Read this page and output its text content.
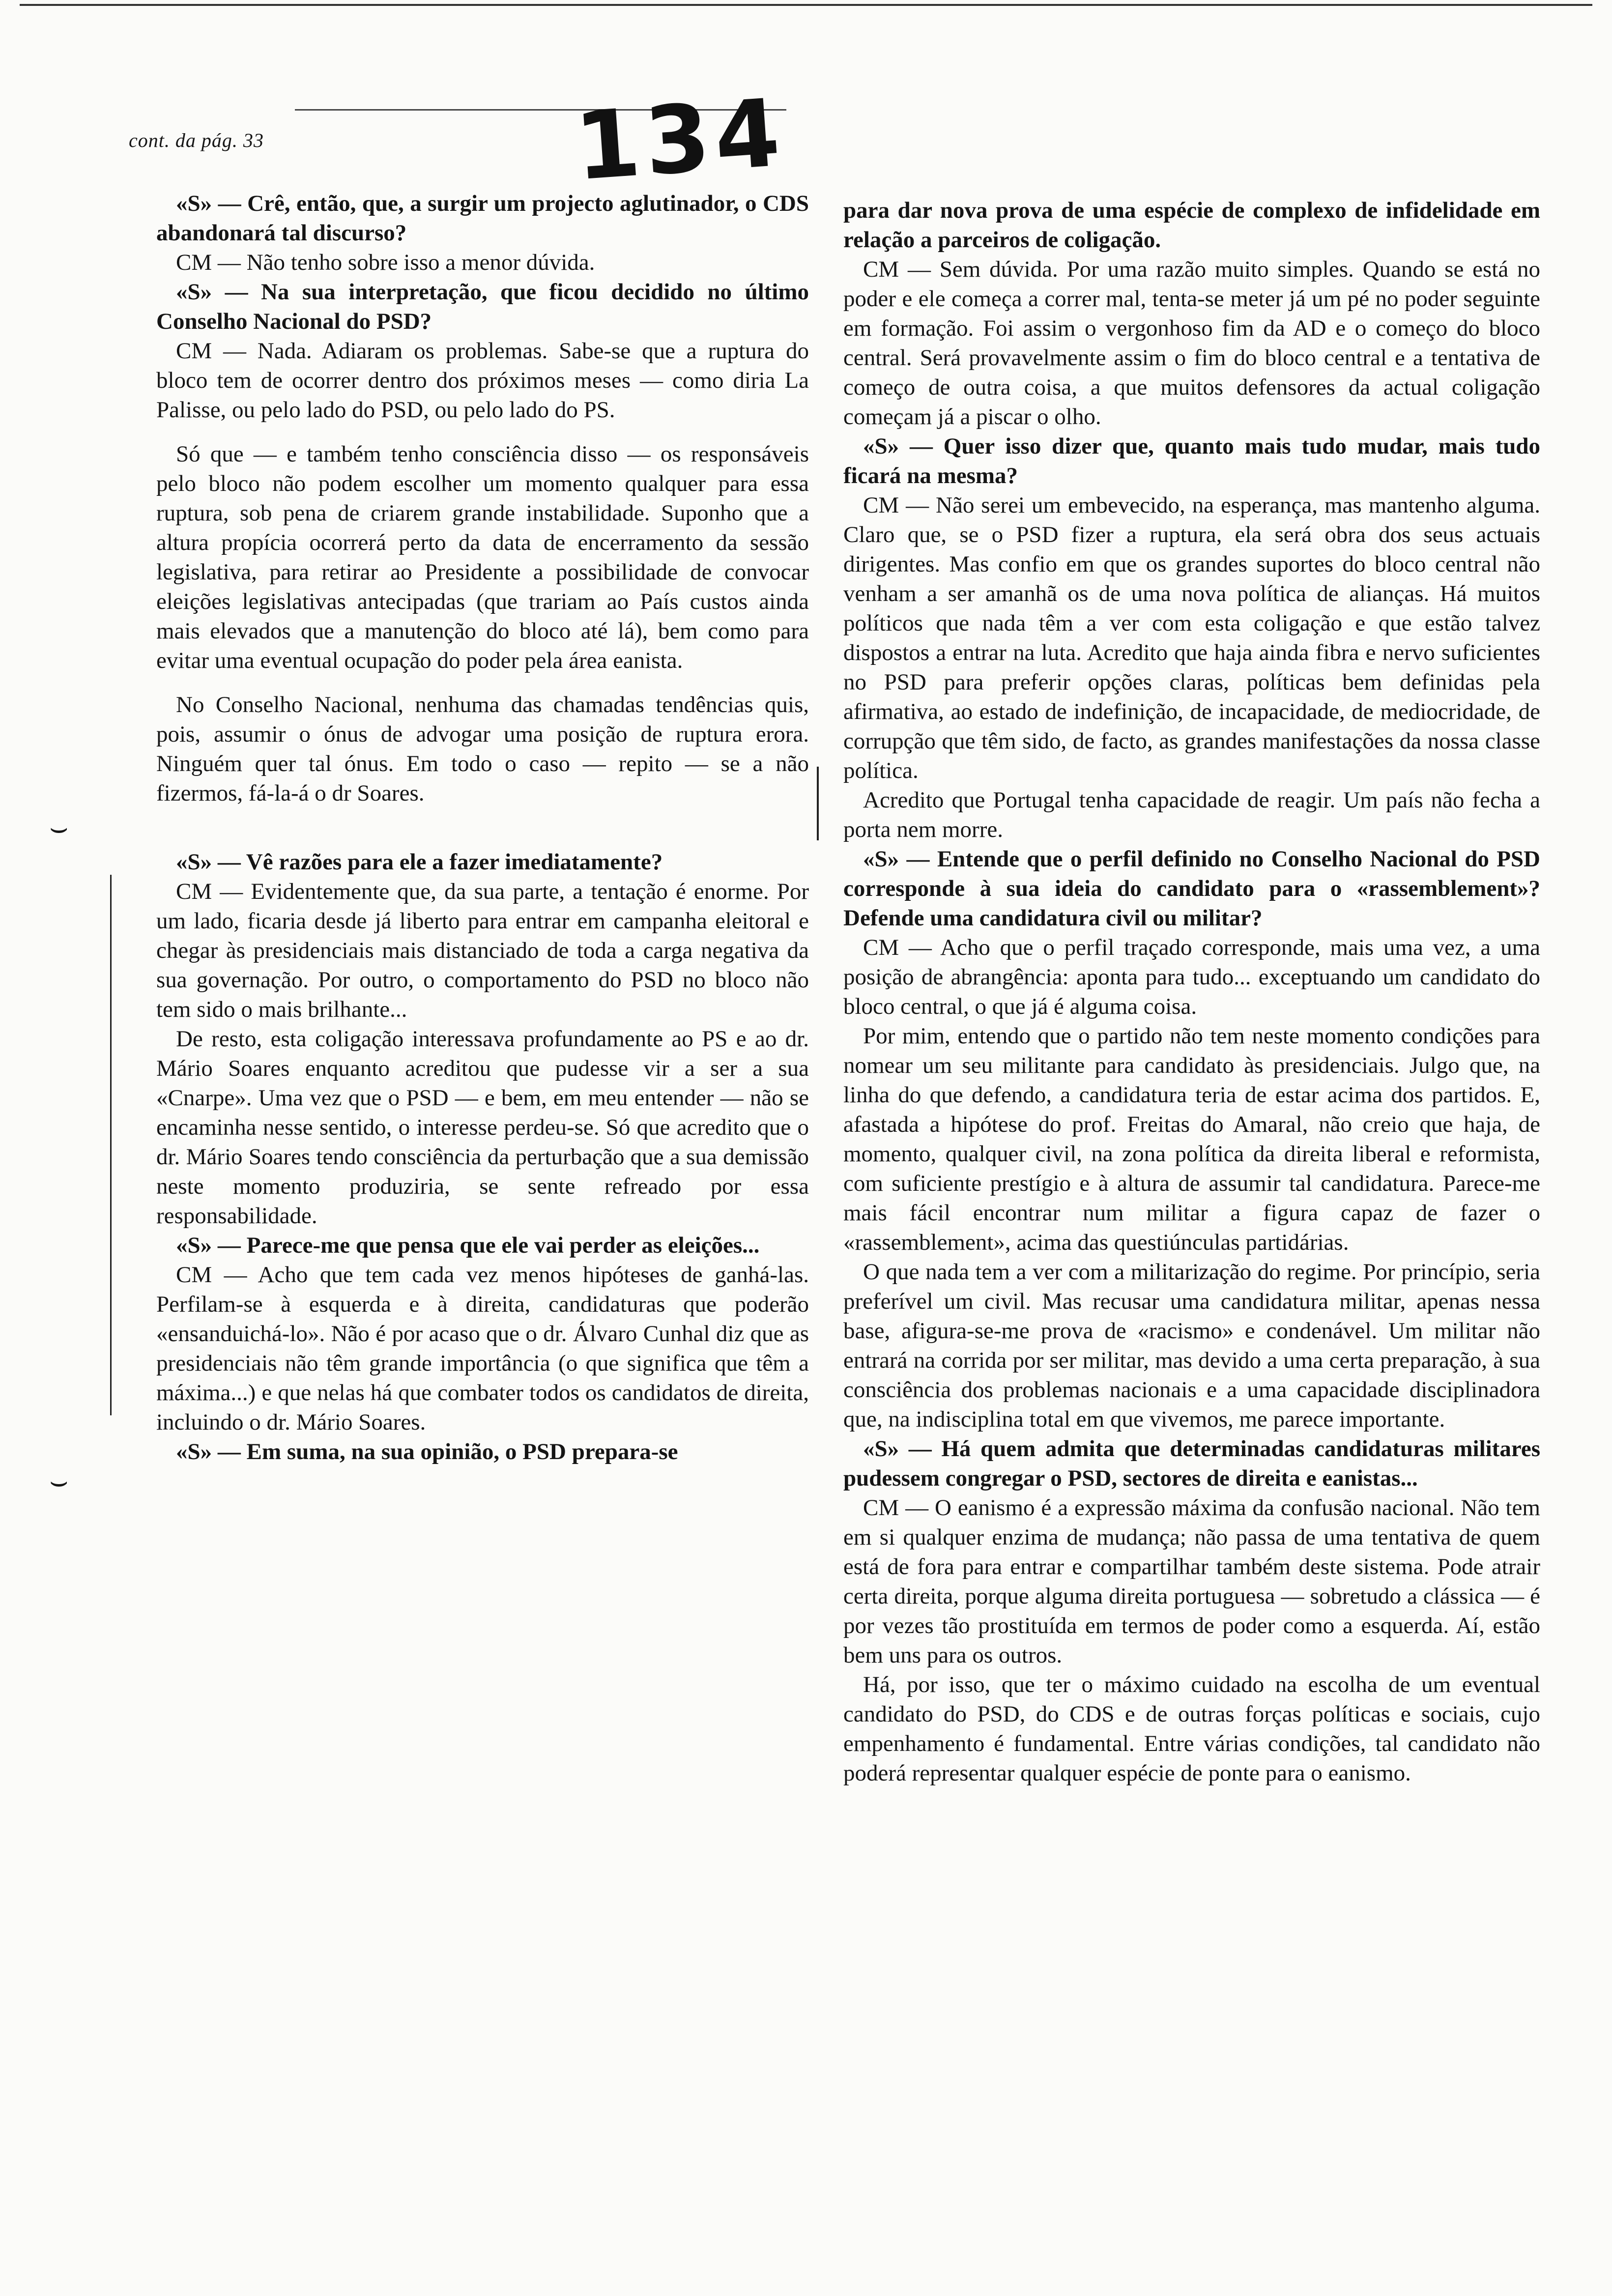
cont. da pág. 33	134
⌣
⌣

«S» — Crê, então, que, a surgir um projecto aglutinador, o CDS abandonará tal discurso?

CM — Não tenho sobre isso a menor dúvida.

«S» — Na sua interpretação, que ficou decidido no último Conselho Nacional do PSD?

CM — Nada. Adiaram os problemas. Sabe-se que a ruptura do bloco tem de ocorrer dentro dos próximos meses — como diria La Palisse, ou pelo lado do PSD, ou pelo lado do PS.

Só que — e também tenho consciência disso — os responsáveis pelo bloco não podem escolher um momento qualquer para essa ruptura, sob pena de criarem grande instabilidade. Suponho que a altura propícia ocorrerá perto da data de encerramento da sessão legislativa, para retirar ao Presidente a possibilidade de convocar eleições legislativas antecipadas (que trariam ao País custos ainda mais elevados que a manutenção do bloco até lá), bem como para evitar uma eventual ocupação do poder pela área eanista.

No Conselho Nacional, nenhuma das chamadas tendências quis, pois, assumir o ónus de advogar uma posição de ruptura erora. Ninguém quer tal ónus. Em todo o caso — repito — se a não fizermos, fá-la-á o dr Soares.

«S» — Vê razões para ele a fazer imediatamente?

CM — Evidentemente que, da sua parte, a tentação é enorme. Por um lado, ficaria desde já liberto para entrar em campanha eleitoral e chegar às presidenciais mais distanciado de toda a carga negativa da sua governação. Por outro, o comportamento do PSD no bloco não tem sido o mais brilhante...

De resto, esta coligação interessava profundamente ao PS e ao dr. Mário Soares enquanto acreditou que pudesse vir a ser a sua «Cnarpe». Uma vez que o PSD — e bem, em meu entender — não se encaminha nesse sentido, o interesse perdeu-se. Só que acredito que o dr. Mário Soares tendo consciência da perturbação que a sua demissão neste momento produziria, se sente refreado por essa responsabilidade.

«S» — Parece-me que pensa que ele vai perder as eleições...

CM — Acho que tem cada vez menos hipóteses de ganhá-las. Perfilam-se à esquerda e à direita, candidaturas que poderão «ensanduichá-lo». Não é por acaso que o dr. Álvaro Cunhal diz que as presidenciais não têm grande importância (o que significa que têm a máxima...) e que nelas há que combater todos os candidatos de direita, incluindo o dr. Mário Soares.

«S» — Em suma, na sua opinião, o PSD prepara-se

para dar nova prova de uma espécie de complexo de infidelidade em relação a parceiros de coligação.

CM — Sem dúvida. Por uma razão muito simples. Quando se está no poder e ele começa a correr mal, tenta-se meter já um pé no poder seguinte em formação. Foi assim o vergonhoso fim da AD e o começo do bloco central. Será provavelmente assim o fim do bloco central e a tentativa de começo de outra coisa, a que muitos defensores da actual coligação começam já a piscar o olho.

«S» — Quer isso dizer que, quanto mais tudo mudar, mais tudo ficará na mesma?

CM — Não serei um embevecido, na esperança, mas mantenho alguma. Claro que, se o PSD fizer a ruptura, ela será obra dos seus actuais dirigentes. Mas confio em que os grandes suportes do bloco central não venham a ser amanhã os de uma nova política de alianças. Há muitos políticos que nada têm a ver com esta coligação e que estão talvez dispostos a entrar na luta. Acredito que haja ainda fibra e nervo suficientes no PSD para preferir opções claras, políticas bem definidas pela afirmativa, ao estado de indefinição, de incapacidade, de mediocridade, de corrupção que têm sido, de facto, as grandes manifestações da nossa classe política.

Acredito que Portugal tenha capacidade de reagir. Um país não fecha a porta nem morre.

«S» — Entende que o perfil definido no Conselho Nacional do PSD corresponde à sua ideia do candidato para o «rassemblement»? Defende uma candidatura civil ou militar?

CM — Acho que o perfil traçado corresponde, mais uma vez, a uma posição de abrangência: aponta para tudo... exceptuando um candidato do bloco central, o que já é alguma coisa.

Por mim, entendo que o partido não tem neste momento condições para nomear um seu militante para candidato às presidenciais. Julgo que, na linha do que defendo, a candidatura teria de estar acima dos partidos. E, afastada a hipótese do prof. Freitas do Amaral, não creio que haja, de momento, qualquer civil, na zona política da direita liberal e reformista, com suficiente prestígio e à altura de assumir tal candidatura. Parece-me mais fácil encontrar num militar a figura capaz de fazer o «rassemblement», acima das questiúnculas partidárias.

O que nada tem a ver com a militarização do regime. Por princípio, seria preferível um civil. Mas recusar uma candidatura militar, apenas nessa base, afigura-se-me prova de «racismo» e condenável. Um militar não entrará na corrida por ser militar, mas devido a uma certa preparação, à sua consciência dos problemas nacionais e a uma capacidade disciplinadora que, na indisciplina total em que vivemos, me parece importante.

«S» — Há quem admita que determinadas candidaturas militares pudessem congregar o PSD, sectores de direita e eanistas...

CM — O eanismo é a expressão máxima da confusão nacional. Não tem em si qualquer enzima de mudança; não passa de uma tentativa de quem está de fora para entrar e compartilhar também deste sistema. Pode atrair certa direita, porque alguma direita portuguesa — sobretudo a clássica — é por vezes tão prostituída em termos de poder como a esquerda. Aí, estão bem uns para os outros.

Há, por isso, que ter o máximo cuidado na escolha de um eventual candidato do PSD, do CDS e de outras forças políticas e sociais, cujo empenhamento é fundamental. Entre várias condições, tal candidato não poderá representar qualquer espécie de ponte para o eanismo.
